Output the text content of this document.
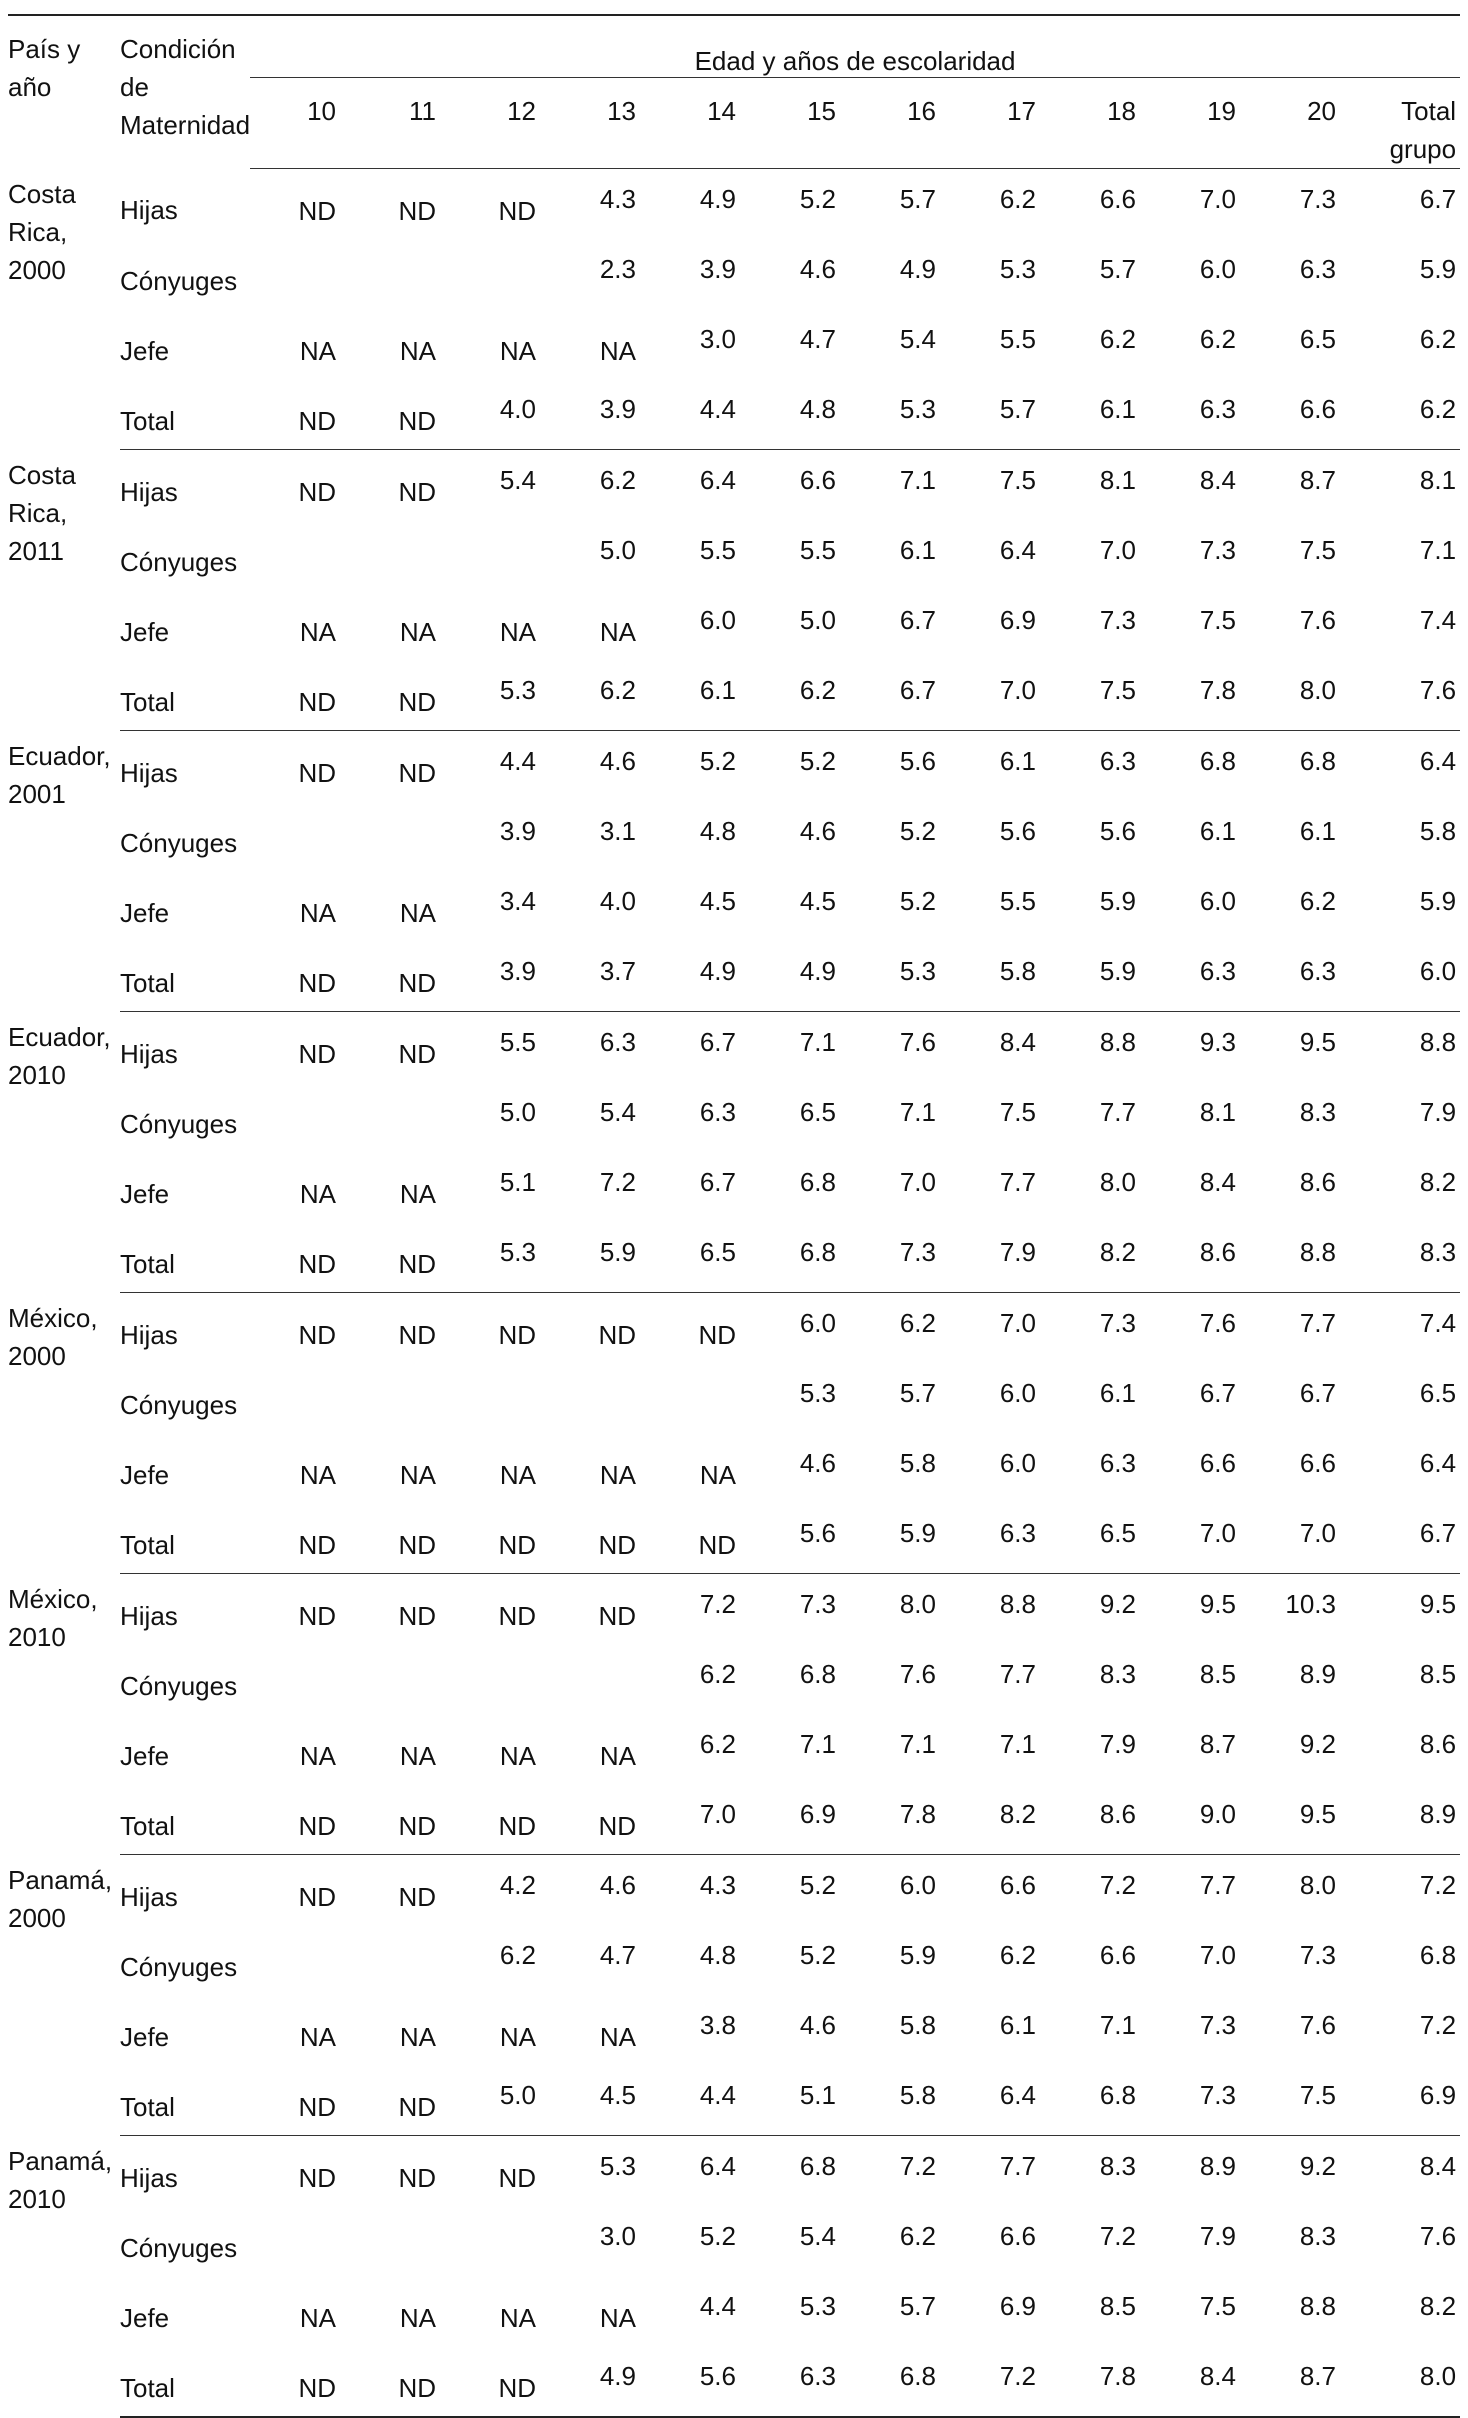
País y año	Condición de Maternidad	Edad y años de escolaridad											

		10	11	12	13	14	15	16	17	18	19	20	Total grupo
Costa Rica, 2000	Hijas	ND	ND	ND	4.3	4.9	5.2	5.7	6.2	6.6	7.0	7.3	6.7
	Cónyuges				2.3	3.9	4.6	4.9	5.3	5.7	6.0	6.3	5.9
	Jefe	NA	NA	NA	NA	3.0	4.7	5.4	5.5	6.2	6.2	6.5	6.2
	Total	ND	ND	4.0	3.9	4.4	4.8	5.3	5.7	6.1	6.3	6.6	6.2
Costa Rica, 2011	Hijas	ND	ND	5.4	6.2	6.4	6.6	7.1	7.5	8.1	8.4	8.7	8.1
	Cónyuges				5.0	5.5	5.5	6.1	6.4	7.0	7.3	7.5	7.1
	Jefe	NA	NA	NA	NA	6.0	5.0	6.7	6.9	7.3	7.5	7.6	7.4
	Total	ND	ND	5.3	6.2	6.1	6.2	6.7	7.0	7.5	7.8	8.0	7.6
Ecuador, 2001	Hijas	ND	ND	4.4	4.6	5.2	5.2	5.6	6.1	6.3	6.8	6.8	6.4
	Cónyuges			3.9	3.1	4.8	4.6	5.2	5.6	5.6	6.1	6.1	5.8
	Jefe	NA	NA	3.4	4.0	4.5	4.5	5.2	5.5	5.9	6.0	6.2	5.9
	Total	ND	ND	3.9	3.7	4.9	4.9	5.3	5.8	5.9	6.3	6.3	6.0
Ecuador, 2010	Hijas	ND	ND	5.5	6.3	6.7	7.1	7.6	8.4	8.8	9.3	9.5	8.8
	Cónyuges			5.0	5.4	6.3	6.5	7.1	7.5	7.7	8.1	8.3	7.9
	Jefe	NA	NA	5.1	7.2	6.7	6.8	7.0	7.7	8.0	8.4	8.6	8.2
	Total	ND	ND	5.3	5.9	6.5	6.8	7.3	7.9	8.2	8.6	8.8	8.3
México, 2000	Hijas	ND	ND	ND	ND	ND	6.0	6.2	7.0	7.3	7.6	7.7	7.4
	Cónyuges						5.3	5.7	6.0	6.1	6.7	6.7	6.5
	Jefe	NA	NA	NA	NA	NA	4.6	5.8	6.0	6.3	6.6	6.6	6.4
	Total	ND	ND	ND	ND	ND	5.6	5.9	6.3	6.5	7.0	7.0	6.7
México, 2010	Hijas	ND	ND	ND	ND	7.2	7.3	8.0	8.8	9.2	9.5	10.3	9.5
	Cónyuges					6.2	6.8	7.6	7.7	8.3	8.5	8.9	8.5
	Jefe	NA	NA	NA	NA	6.2	7.1	7.1	7.1	7.9	8.7	9.2	8.6
	Total	ND	ND	ND	ND	7.0	6.9	7.8	8.2	8.6	9.0	9.5	8.9
Panamá, 2000	Hijas	ND	ND	4.2	4.6	4.3	5.2	6.0	6.6	7.2	7.7	8.0	7.2
	Cónyuges			6.2	4.7	4.8	5.2	5.9	6.2	6.6	7.0	7.3	6.8
	Jefe	NA	NA	NA	NA	3.8	4.6	5.8	6.1	7.1	7.3	7.6	7.2
	Total	ND	ND	5.0	4.5	4.4	5.1	5.8	6.4	6.8	7.3	7.5	6.9
Panamá, 2010	Hijas	ND	ND	ND	5.3	6.4	6.8	7.2	7.7	8.3	8.9	9.2	8.4
	Cónyuges				3.0	5.2	5.4	6.2	6.6	7.2	7.9	8.3	7.6
	Jefe	NA	NA	NA	NA	4.4	5.3	5.7	6.9	8.5	7.5	8.8	8.2
	Total	ND	ND	ND	4.9	5.6	6.3	6.8	7.2	7.8	8.4	8.7	8.0
